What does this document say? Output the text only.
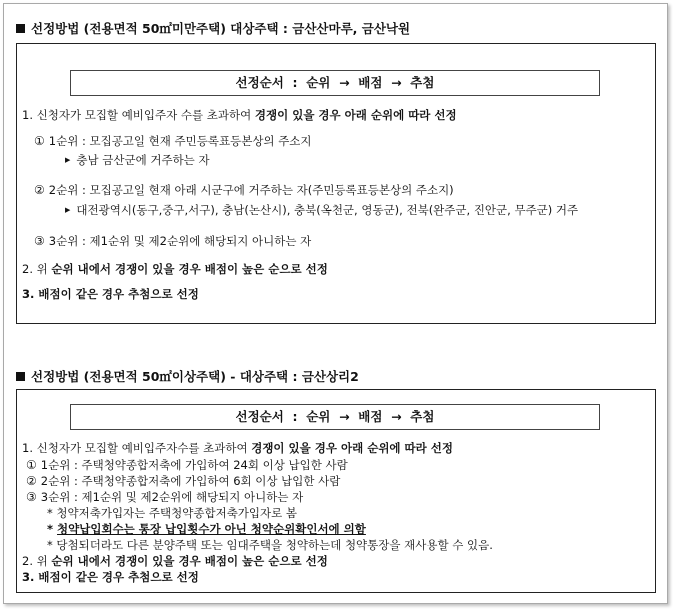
선정방법 (전용면적 50㎡미만주택) 대상주택 : 금산산마루, 금산낙원
선정순서  :  순위  →  배점  →  추첨
1. 신청자가 모집할 예비입주자 수를 초과하여 경쟁이 있을 경우 아래 순위에 따라 선정
① 1순위 : 모집공고일 현재 주민등록표등본상의 주소지
▶ 충남 금산군에 거주하는 자
② 2순위 : 모집공고일 현재 아래 시군구에 거주하는 자(주민등록표등본상의 주소지)
▶ 대전광역시(동구,중구,서구), 충남(논산시), 충북(옥천군, 영동군), 전북(완주군, 진안군, 무주군) 거주
③ 3순위 : 제1순위 및 제2순위에 해당되지 아니하는 자
2. 위 순위 내에서 경쟁이 있을 경우 배점이 높은 순으로 선정
3. 배점이 같은 경우 추첨으로 선정
선정방법 (전용면적 50㎡이상주택) - 대상주택 : 금산상리2
선정순서  :  순위  →  배점  →  추첨
1. 신청자가 모집할 예비입주자수를 초과하여 경쟁이 있을 경우 아래 순위에 따라 선정
① 1순위 : 주택청약종합저축에 가입하여 24회 이상 납입한 사람
② 2순위 : 주택청약종합저축에 가입하여 6회 이상 납입한 사람
③ 3순위 : 제1순위 및 제2순위에 해당되지 아니하는 자
* 청약저축가입자는 주택청약종합저축가입자로 봄
* 청약납입회수는 통장 납입횟수가 아닌 청약순위확인서에 의함
* 당첨되더라도 다른 분양주택 또는 임대주택을 청약하는데 청약통장을 재사용할 수 있음.
2. 위 순위 내에서 경쟁이 있을 경우 배점이 높은 순으로 선정
3. 배점이 같은 경우 추첨으로 선정
